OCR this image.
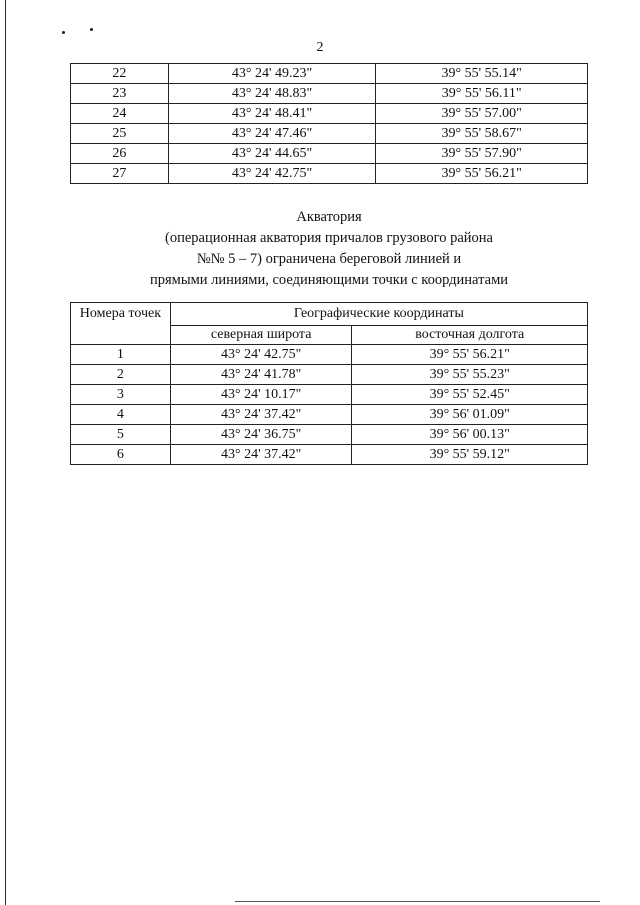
2
22	43° 24' 49.23"	39° 55' 55.14"
23	43° 24' 48.83"	39° 55' 56.11"
24	43° 24' 48.41"	39° 55' 57.00"
25	43° 24' 47.46"	39° 55' 58.67"
26	43° 24' 44.65"	39° 55' 57.90"
27	43° 24' 42.75"	39° 55' 56.21"
Акватория
(операционная акватория причалов грузового района
№№ 5 – 7) ограничена береговой линией и
прямыми линиями, соединяющими точки с координатами
Номера точек	Географические координаты	
	северная широта	восточная долгота
1	43° 24' 42.75"	39° 55' 56.21"
2	43° 24' 41.78"	39° 55' 55.23"
3	43° 24' 10.17"	39° 55' 52.45"
4	43° 24' 37.42"	39° 56' 01.09"
5	43° 24' 36.75"	39° 56' 00.13"
6	43° 24' 37.42"	39° 55' 59.12"
